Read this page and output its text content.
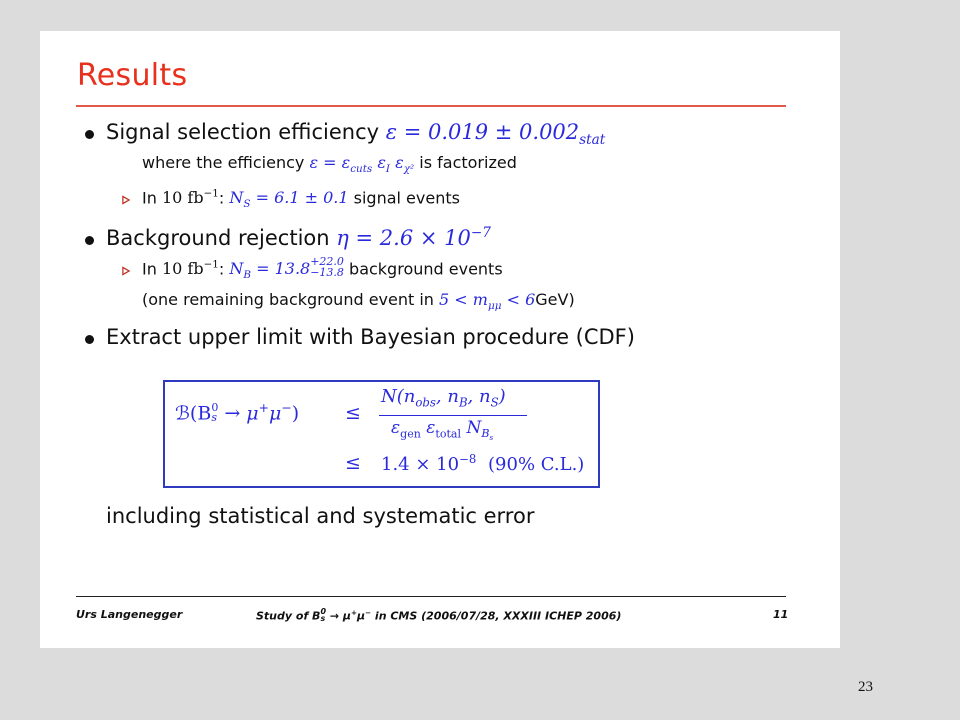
Results
Signal selection efficiency $\varepsilon = 0.019 \pm 0.002_{stat}$
where the efficiency $\varepsilon = \varepsilon_{cuts}$ $\varepsilon_I$ $\varepsilon_{\chi^2}$ is factorized
In 10 $fb^{-1}$: $N_S = 6.1 \pm 0.1$ signal events
Background rejection $\eta = 2.6 \times 10^{-7}$
In 10 $fb^{-1}$: $N_B = 13.8 +22.0$
−13.8 background events
(one remaining background event in $5 < m_{\mu\mu} < 6GeV$)
Extract upper limit with Bayesian procedure (CDF)
ℬ(B 0
s → μ+μ−) ≤
$N(n_{obs}$, $n_B$, $n_S$)
$\varepsilon_{gen}$ $\varepsilon_{total}$ $N_{B_s}$
≤ $1.4 \times 10^{-8}$ (90% C.L.)
including statistical and systematic error
Urs Langenegger	Study of B 0
s → μ+μ− in CMS (2006/07/28, XXXIII ICHEP 2006)	11
23
